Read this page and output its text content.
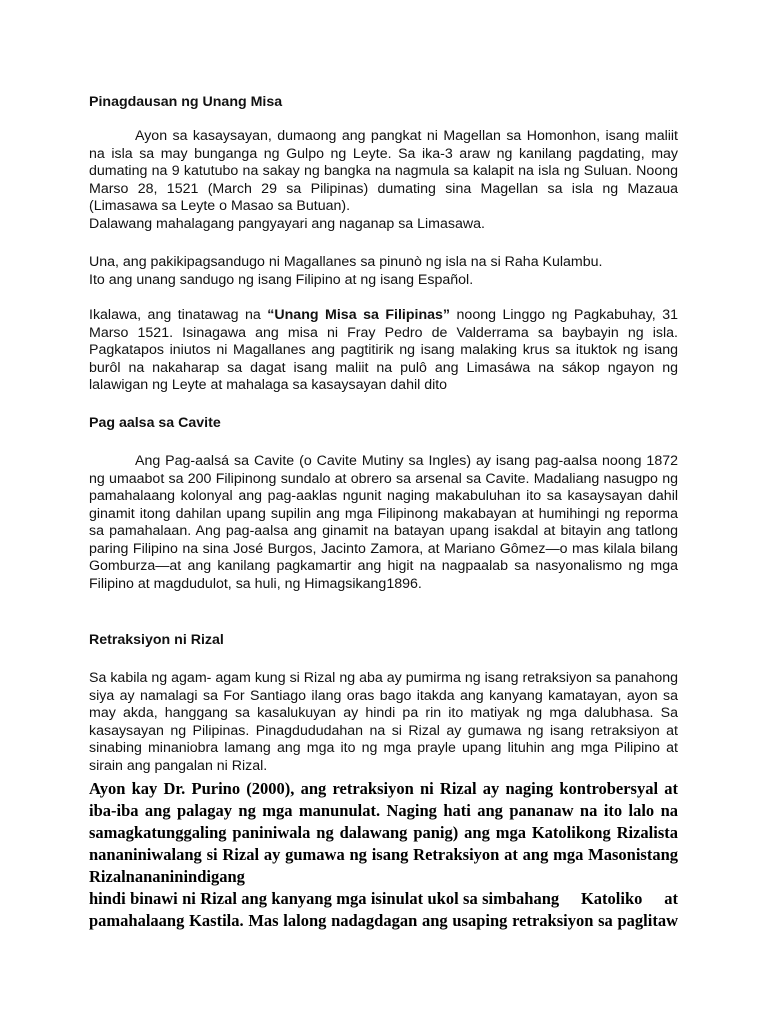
Pinagdausan ng Unang Misa

Ayon sa kasaysayan, dumaong ang pangkat ni Magellan sa Homonhon, isang maliit na isla sa may bunganga ng Gulpo ng Leyte. Sa ika-3 araw ng kanilang pagdating, may dumating na 9 katutubo na sakay ng bangka na nagmula sa kalapit na isla ng Suluan. Noong Marso 28, 1521 (March 29 sa Pilipinas) dumating sina Magellan sa isla ng Mazaua (Limasawa sa Leyte o Masao sa Butuan).

Dalawang mahalagang pangyayari ang naganap sa Limasawa.

Una, ang pakikipagsandugo ni Magallanes sa pinunò ng isla na si Raha Kulambu.

Ito ang unang sandugo ng isang Filipino at ng isang Español.

Ikalawa, ang tinatawag na “Unang Misa sa Filipinas” noong Linggo ng Pagkabuhay, 31 Marso 1521. Isinagawa ang misa ni Fray Pedro de Valderrama sa baybayin ng isla. Pagkatapos iniutos ni Magallanes ang pagtitirik ng isang malaking krus sa ituktok ng isang burôl na nakaharap sa dagat isang maliit na pulô ang Limasáwa na sákop ngayon ng lalawigan ng Leyte at mahalaga sa kasaysayan dahil dito

Pag aalsa sa Cavite

Ang Pag-aalsá sa Cavite (o Cavite Mutiny sa Ingles) ay isang pag-aalsa noong 1872 ng umaabot sa 200 Filipinong sundalo at obrero sa arsenal sa Cavite. Madaliang nasugpo ng pamahalaang kolonyal ang pag-aaklas ngunit naging makabuluhan ito sa kasaysayan dahil ginamit itong dahilan upang supilin ang mga Filipinong makabayan at humihingi ng reporma sa pamahalaan. Ang pag-aalsa ang ginamit na batayan upang isakdal at bitayin ang tatlong paring Filipino na sina José Burgos, Jacinto Zamora, at Mariano Gômez—o mas kilala bilang Gomburza—at ang kanilang pagkamartir ang higit na nagpaalab sa nasyonalismo ng mga Filipino at magdudulot, sa huli, ng Himagsikang1896.

Retraksiyon ni Rizal

Sa kabila ng agam- agam kung si Rizal ng aba ay pumirma ng isang retraksiyon sa panahong siya ay namalagi sa For Santiago ilang oras bago itakda ang kanyang kamatayan, ayon sa may akda, hanggang sa kasalukuyan ay hindi pa rin ito matiyak ng mga dalubhasa. Sa kasaysayan ng Pilipinas. Pinagdududahan na si Rizal ay gumawa ng isang retraksiyon at sinabing minaniobra lamang ang mga ito ng mga prayle upang lituhin ang mga Pilipino at sirain ang pangalan ni Rizal.

Ayon kay Dr. Purino (2000), ang retraksiyon ni Rizal ay naging kontrobersyal at
iba-iba ang palagay ng mga manunulat. Naging hati ang pananaw na ito lalo na
samagkatunggaling paniniwala ng dalawang panig) ang mga Katolikong Rizalista
nananiniwalang si Rizal ay gumawa ng isang Retraksiyon at ang mga Masonistang
Rizalnananinindigang
hindi binawi ni Rizal ang kanyang mga isinulat ukol sa simbahang     Katoliko     at
pamahalaang Kastila. Mas lalong nadagdagan ang usaping retraksiyon sa paglitaw
